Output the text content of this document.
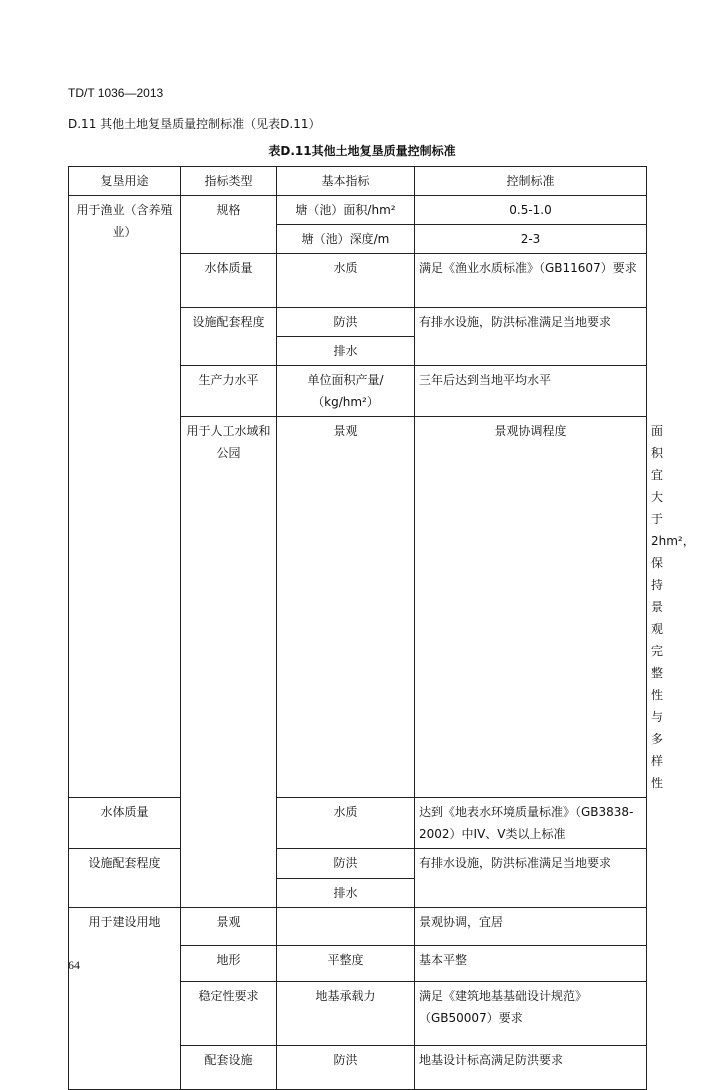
TD/T 1036—2013
D.11 其他土地复垦质量控制标准（见表D.11）
表D.11其他土地复垦质量控制标准
复垦用途	指标类型	基本指标	控制标准	
用于渔业（含养殖业）	规格	塘（池）面积/hm²	0.5-1.0	
		塘（池）深度/m	2-3	
	水体质量	水质	满足《渔业水质标准》（GB11607）要求	
	设施配套程度	防洪	有排水设施，防洪标准满足当地要求	
		排水		
	生产力水平	单位面积产量/（kg/hm²）	三年后达到当地平均水平	
	用于人工水域和公园	景观	景观协调程度	面积宜大于2hm²，保持景观完整性与多样性
水体质量		水质	达到《地表水环境质量标准》（GB3838-2002）中IV、V类以上标准	
设施配套程度		防洪	有排水设施，防洪标准满足当地要求	
		排水		
用于建设用地	景观		景观协调，宜居	
	地形	平整度	基本平整	
	稳定性要求	地基承载力	满足《建筑地基基础设计规范》（GB50007）要求	
	配套设施	防洪	地基设计标高满足防洪要求	
64
